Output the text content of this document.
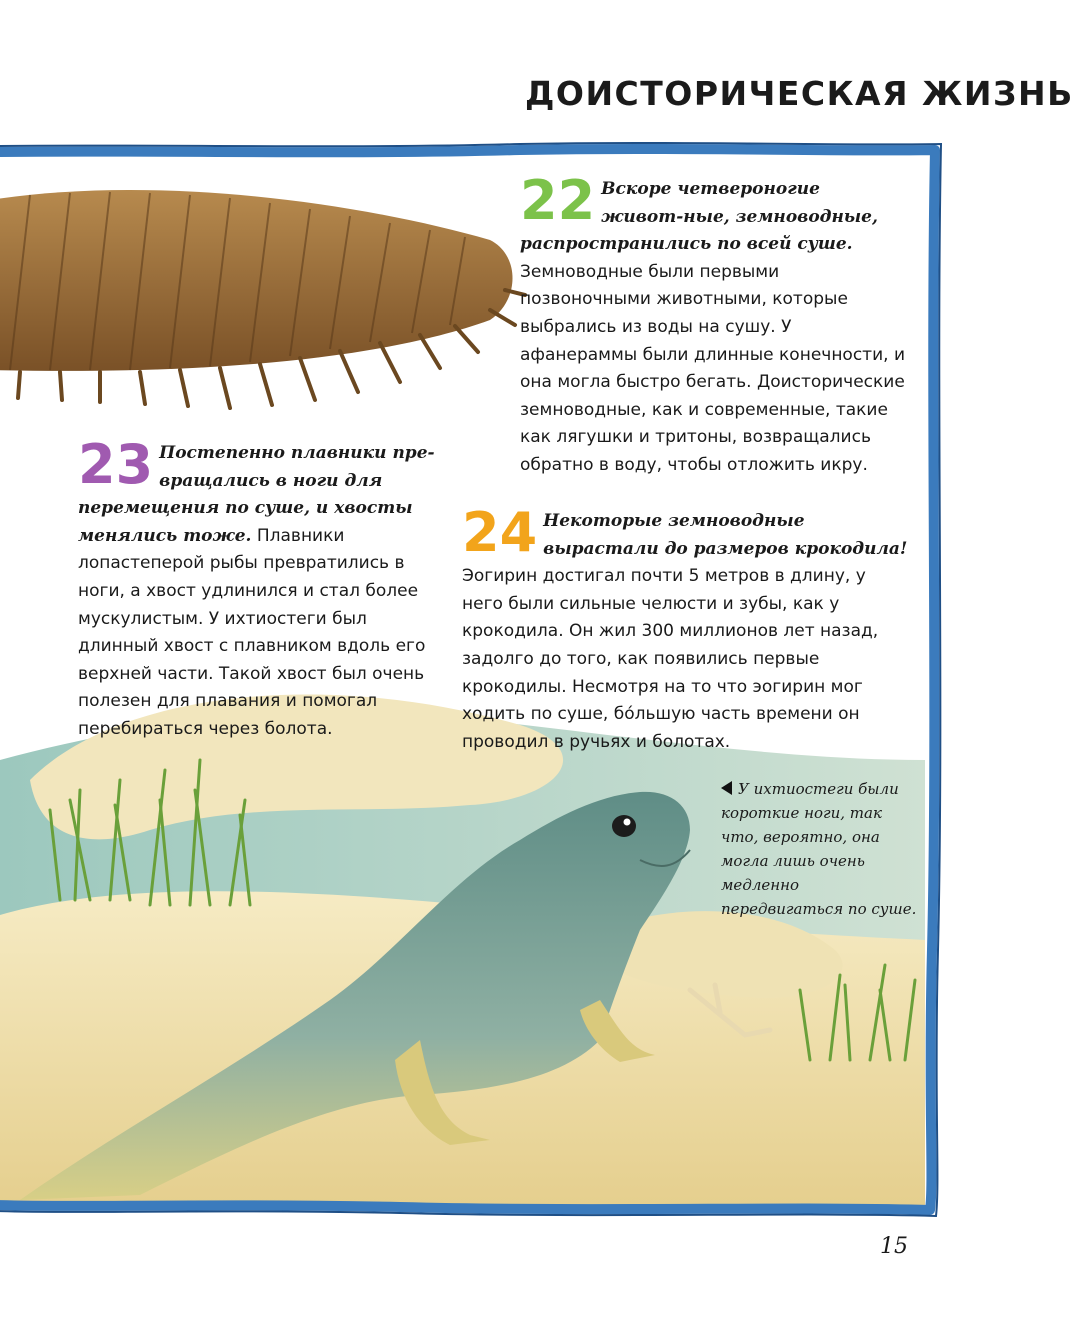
ДОИСТОРИЧЕСКАЯ ЖИЗНЬ
22 Вскоре четвероногие живот-ные, земноводные, распространились по всей суше. Земноводные были первыми позвоночными животными, которые выбрались из воды на сушу. У афанераммы были длинные конечности, и она могла быстро бегать. Доисторические земноводные, как и современные, такие как лягушки и тритоны, возвращались обратно в воду, чтобы отложить икру.
23 Постепенно плавники пре-вращались в ноги для перемещения по суше, и хвосты менялись тоже. Плавники лопастеперой рыбы превратились в ноги, а хвост удлинился и стал более мускулистым. У ихтиостеги был длинный хвост с плавником вдоль его верхней части. Такой хвост был очень полезен для плавания и помогал перебираться через болота.
24 Некоторые земноводные вырастали до размеров крокодила! Эогирин достигал почти 5 метров в длину, у него были сильные челюсти и зубы, как у крокодила. Он жил 300 миллионов лет назад, задолго до того, как появились первые крокодилы. Несмотря на то что эогирин мог ходить по суше, бо́льшую часть времени он проводил в ручьях и болотах.
У ихтиостеги были короткие ноги, так что, вероятно, она могла лишь очень медленно передвигаться по суше.
15
